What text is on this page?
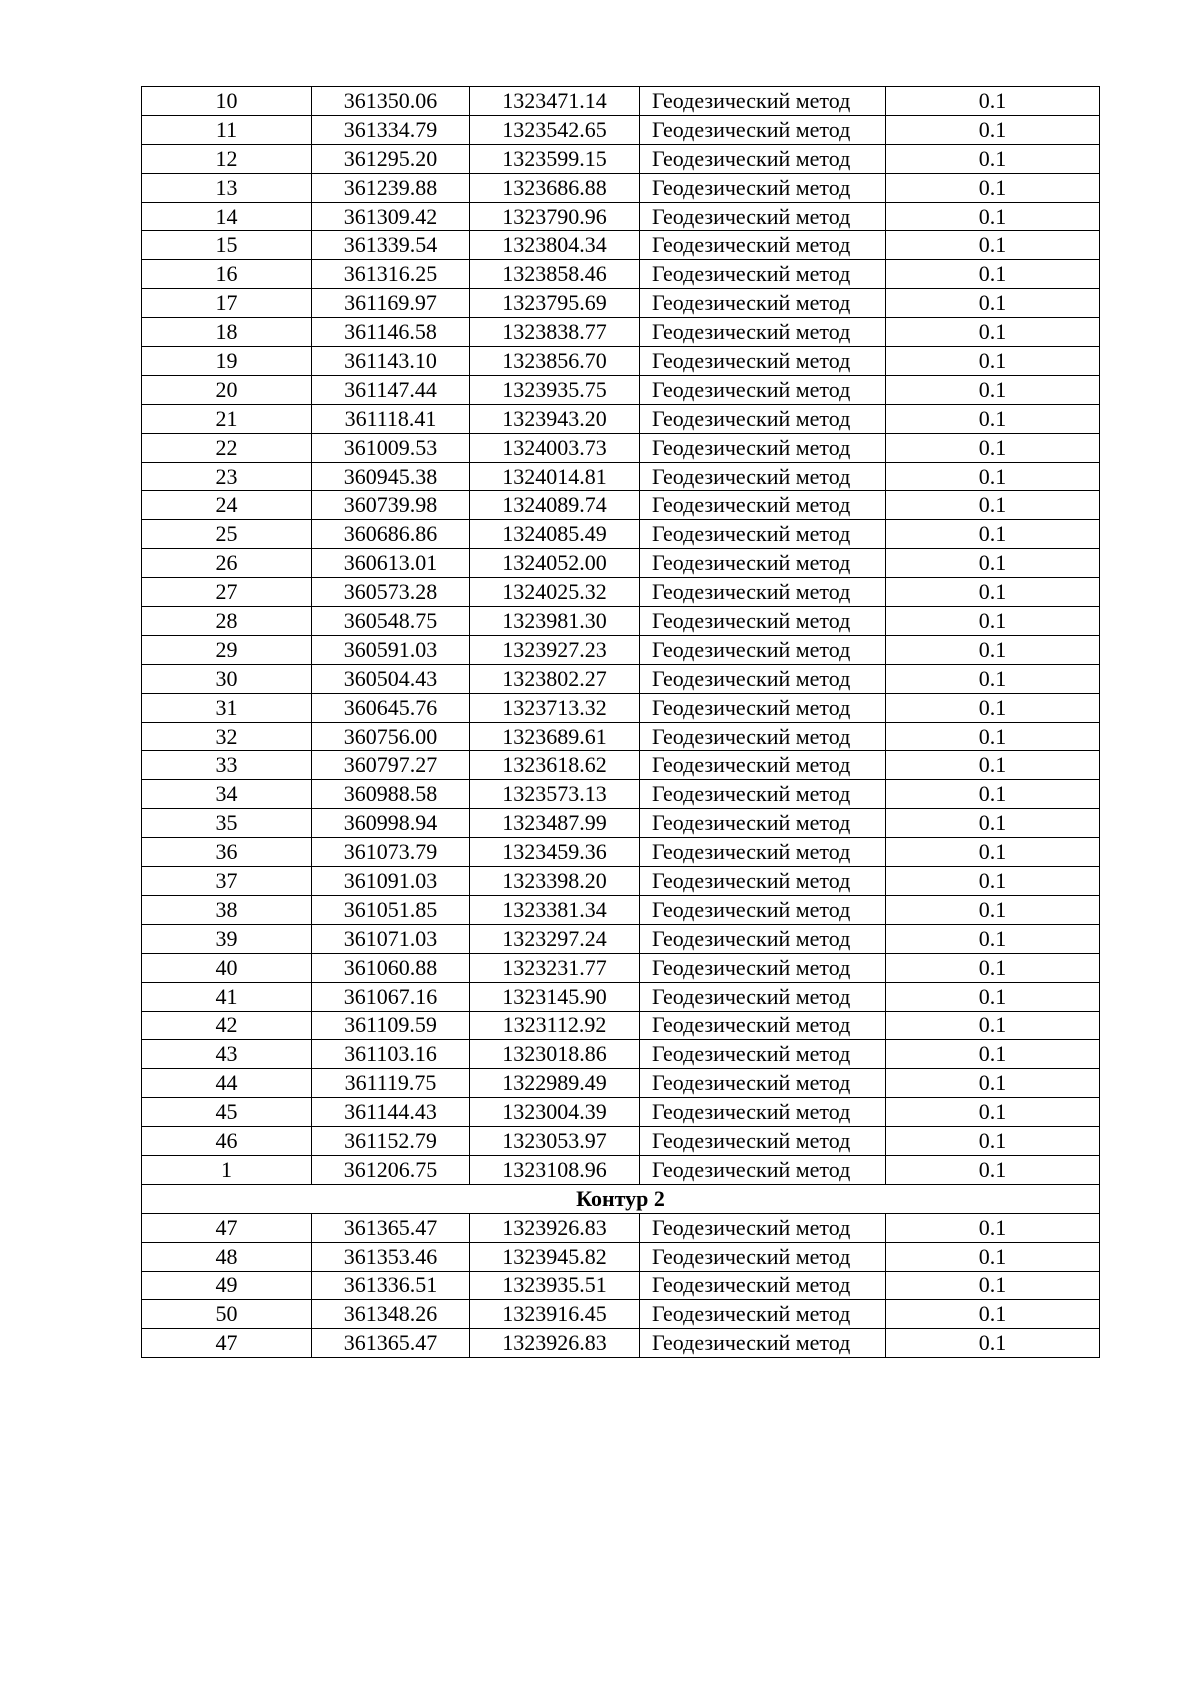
10	361350.06	1323471.14	Геодезический метод	0.1
11	361334.79	1323542.65	Геодезический метод	0.1
12	361295.20	1323599.15	Геодезический метод	0.1
13	361239.88	1323686.88	Геодезический метод	0.1
14	361309.42	1323790.96	Геодезический метод	0.1
15	361339.54	1323804.34	Геодезический метод	0.1
16	361316.25	1323858.46	Геодезический метод	0.1
17	361169.97	1323795.69	Геодезический метод	0.1
18	361146.58	1323838.77	Геодезический метод	0.1
19	361143.10	1323856.70	Геодезический метод	0.1
20	361147.44	1323935.75	Геодезический метод	0.1
21	361118.41	1323943.20	Геодезический метод	0.1
22	361009.53	1324003.73	Геодезический метод	0.1
23	360945.38	1324014.81	Геодезический метод	0.1
24	360739.98	1324089.74	Геодезический метод	0.1
25	360686.86	1324085.49	Геодезический метод	0.1
26	360613.01	1324052.00	Геодезический метод	0.1
27	360573.28	1324025.32	Геодезический метод	0.1
28	360548.75	1323981.30	Геодезический метод	0.1
29	360591.03	1323927.23	Геодезический метод	0.1
30	360504.43	1323802.27	Геодезический метод	0.1
31	360645.76	1323713.32	Геодезический метод	0.1
32	360756.00	1323689.61	Геодезический метод	0.1
33	360797.27	1323618.62	Геодезический метод	0.1
34	360988.58	1323573.13	Геодезический метод	0.1
35	360998.94	1323487.99	Геодезический метод	0.1
36	361073.79	1323459.36	Геодезический метод	0.1
37	361091.03	1323398.20	Геодезический метод	0.1
38	361051.85	1323381.34	Геодезический метод	0.1
39	361071.03	1323297.24	Геодезический метод	0.1
40	361060.88	1323231.77	Геодезический метод	0.1
41	361067.16	1323145.90	Геодезический метод	0.1
42	361109.59	1323112.92	Геодезический метод	0.1
43	361103.16	1323018.86	Геодезический метод	0.1
44	361119.75	1322989.49	Геодезический метод	0.1
45	361144.43	1323004.39	Геодезический метод	0.1
46	361152.79	1323053.97	Геодезический метод	0.1
1	361206.75	1323108.96	Геодезический метод	0.1
Контур 2				
47	361365.47	1323926.83	Геодезический метод	0.1
48	361353.46	1323945.82	Геодезический метод	0.1
49	361336.51	1323935.51	Геодезический метод	0.1
50	361348.26	1323916.45	Геодезический метод	0.1
47	361365.47	1323926.83	Геодезический метод	0.1
